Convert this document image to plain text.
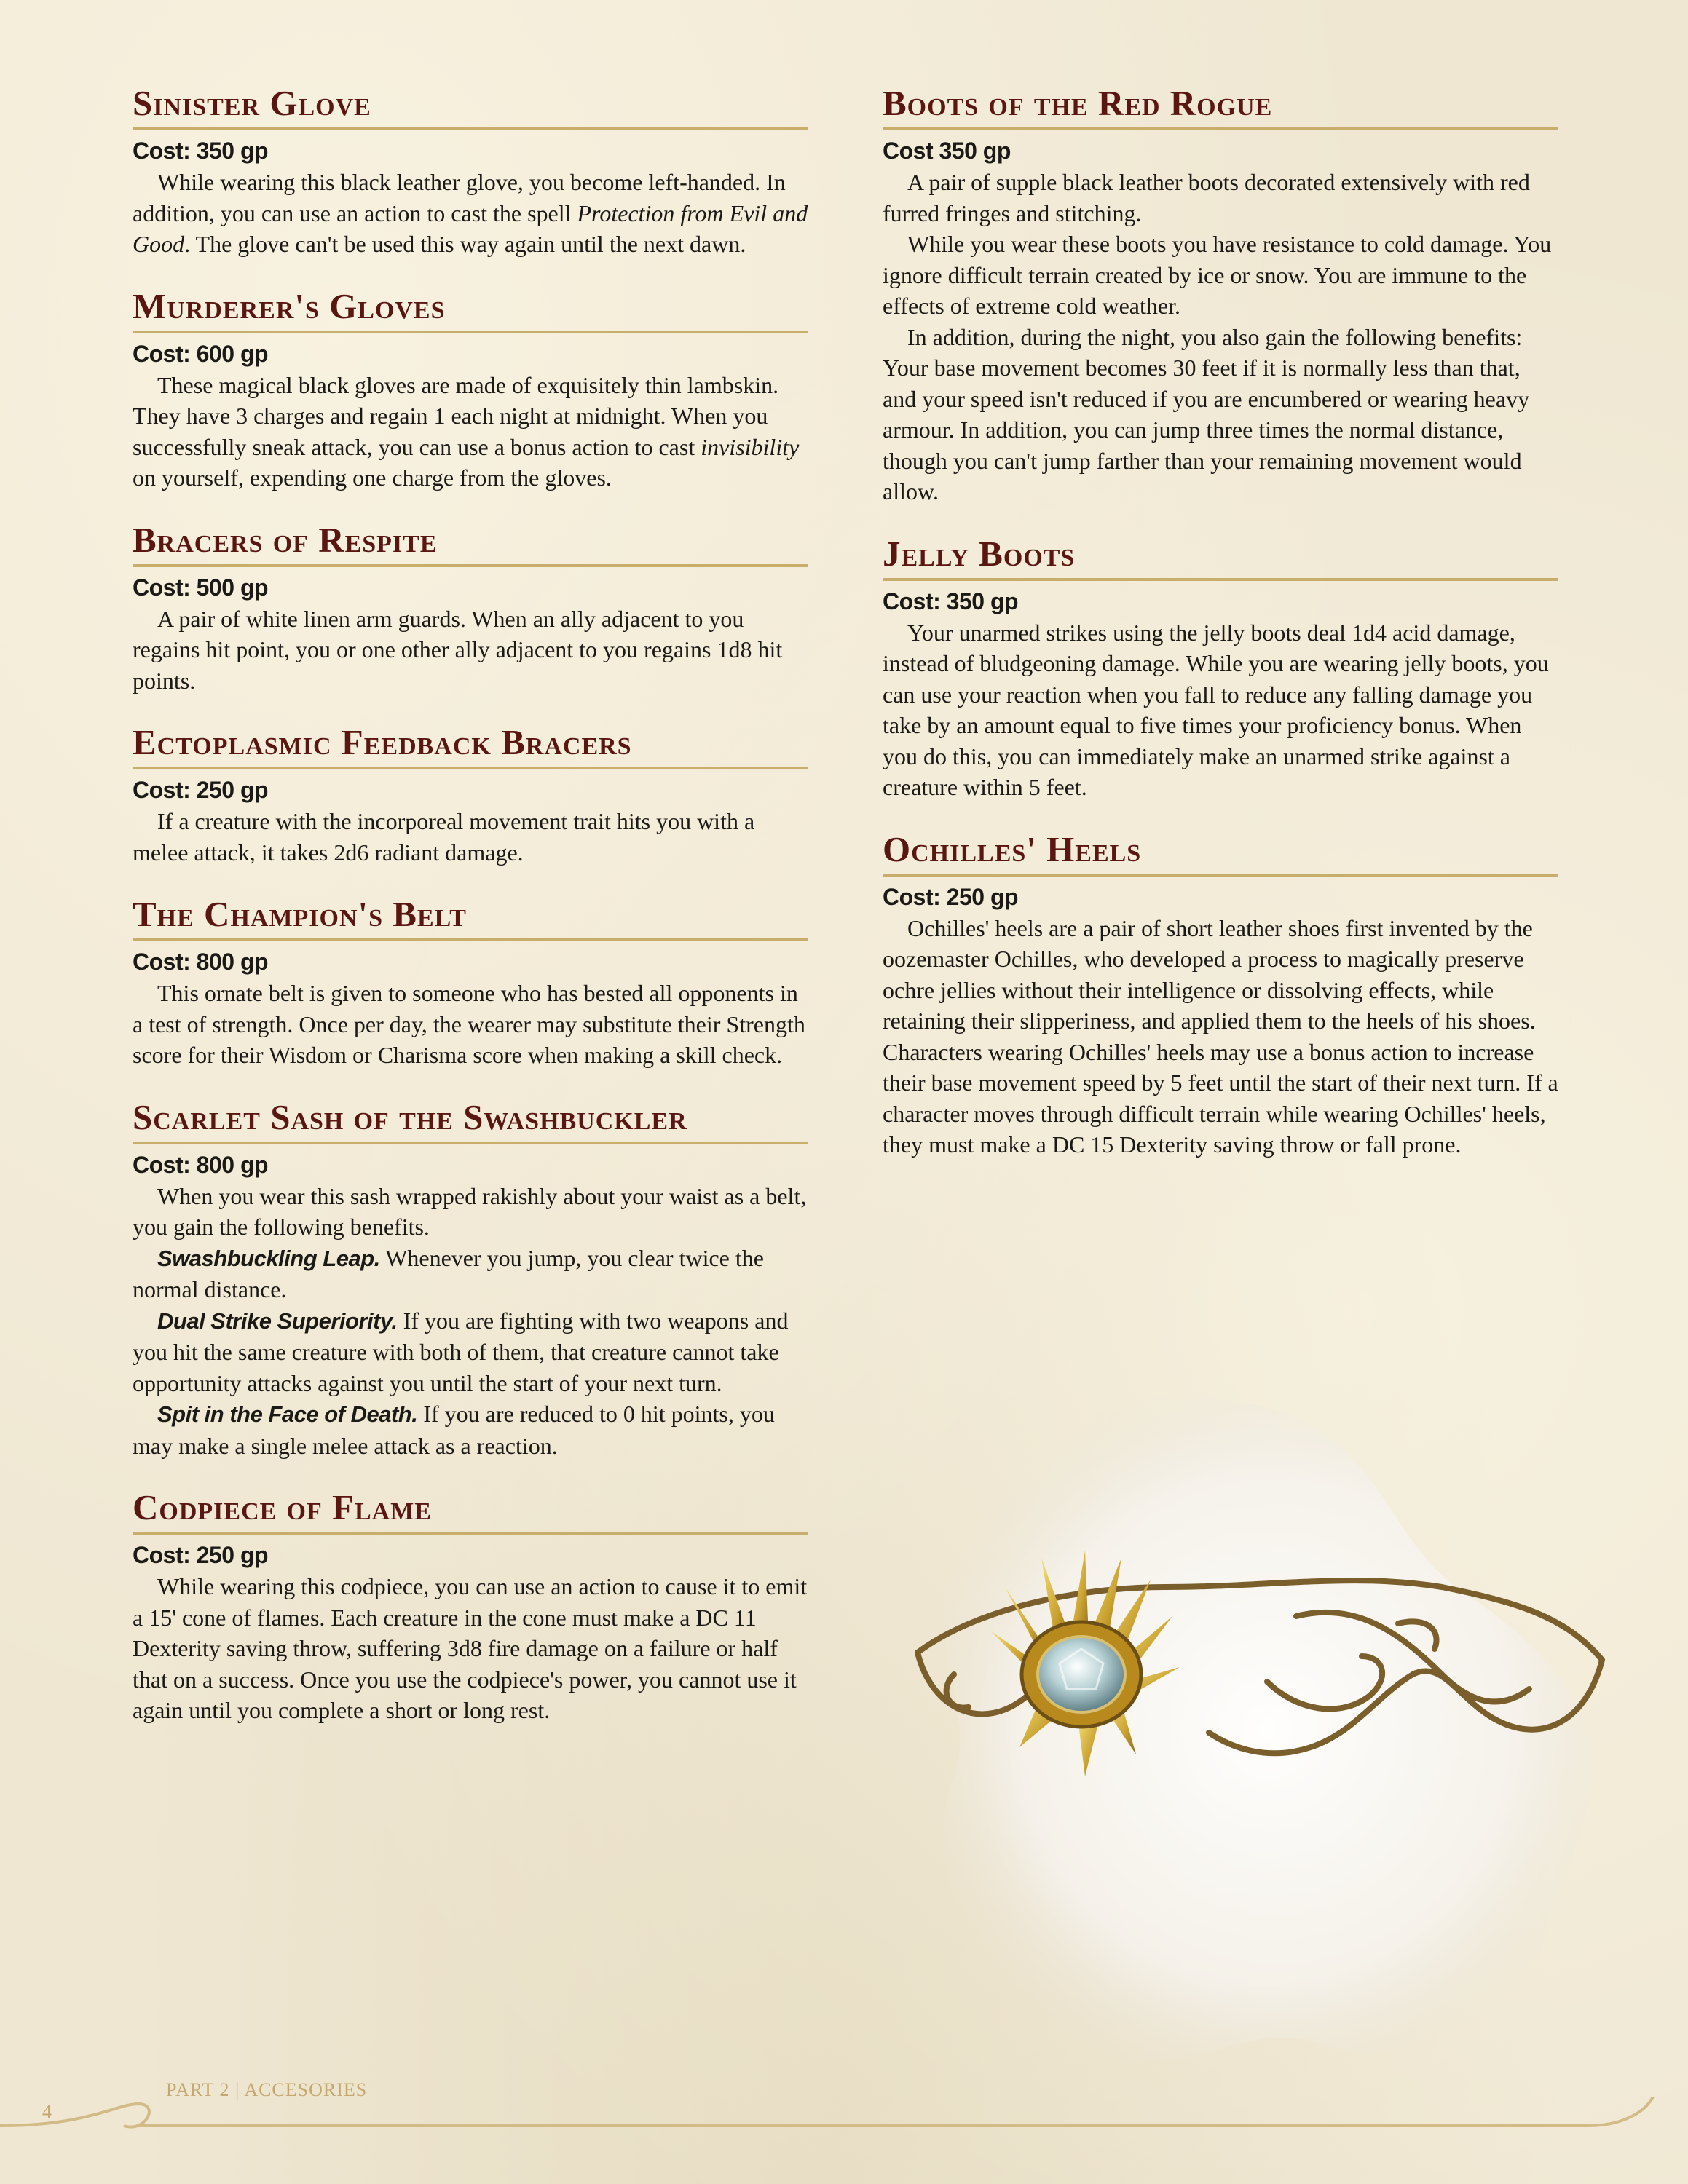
Sinister Glove
Cost: 350 gp

While wearing this black leather glove, you become left-handed. In addition, you can use an action to cast the spell Protection from Evil and Good. The glove can't be used this way again until the next dawn.

Murderer's Gloves
Cost: 600 gp

These magical black gloves are made of exquisitely thin lambskin. They have 3 charges and regain 1 each night at midnight. When you successfully sneak attack, you can use a bonus action to cast invisibility on yourself, expending one charge from the gloves.

Bracers of Respite
Cost: 500 gp

A pair of white linen arm guards. When an ally adjacent to you regains hit point, you or one other ally adjacent to you regains 1d8 hit points.

Ectoplasmic Feedback Bracers
Cost: 250 gp

If a creature with the incorporeal movement trait hits you with a melee attack, it takes 2d6 radiant damage.

The Champion's Belt
Cost: 800 gp

This ornate belt is given to someone who has bested all opponents in a test of strength. Once per day, the wearer may substitute their Strength score for their Wisdom or Charisma score when making a skill check.

Scarlet Sash of the Swashbuckler
Cost: 800 gp

When you wear this sash wrapped rakishly about your waist as a belt, you gain the following benefits.

Swashbuckling Leap. Whenever you jump, you clear twice the normal distance.

Dual Strike Superiority. If you are fighting with two weapons and you hit the same creature with both of them, that creature cannot take opportunity attacks against you until the start of your next turn.

Spit in the Face of Death. If you are reduced to 0 hit points, you may make a single melee attack as a reaction.

Codpiece of Flame
Cost: 250 gp

While wearing this codpiece, you can use an action to cause it to emit a 15' cone of flames. Each creature in the cone must make a DC 11 Dexterity saving throw, suffering 3d8 fire damage on a failure or half that on a success. Once you use the codpiece's power, you cannot use it again until you complete a short or long rest.

Boots of the Red Rogue
Cost 350 gp

A pair of supple black leather boots decorated extensively with red furred fringes and stitching.

While you wear these boots you have resistance to cold damage. You ignore difficult terrain created by ice or snow. You are immune to the effects of extreme cold weather.

In addition, during the night, you also gain the following benefits: Your base movement becomes 30 feet if it is normally less than that, and your speed isn't reduced if you are encumbered or wearing heavy armour. In addition, you can jump three times the normal distance, though you can't jump farther than your remaining movement would allow.

Jelly Boots
Cost: 350 gp

Your unarmed strikes using the jelly boots deal 1d4 acid damage, instead of bludgeoning damage. While you are wearing jelly boots, you can use your reaction when you fall to reduce any falling damage you take by an amount equal to five times your proficiency bonus. When you do this, you can immediately make an unarmed strike against a creature within 5 feet.

Ochilles' Heels
Cost: 250 gp

Ochilles' heels are a pair of short leather shoes first invented by the oozemaster Ochilles, who developed a process to magically preserve ochre jellies without their intelligence or dissolving effects, while retaining their slipperiness, and applied them to the heels of his shoes. Characters wearing Ochilles' heels may use a bonus action to increase their base movement speed by 5 feet until the start of their next turn. If a character moves through difficult terrain while wearing Ochilles' heels, they must make a DC 15 Dexterity saving throw or fall prone.

4
PART 2 | ACCESORIES
